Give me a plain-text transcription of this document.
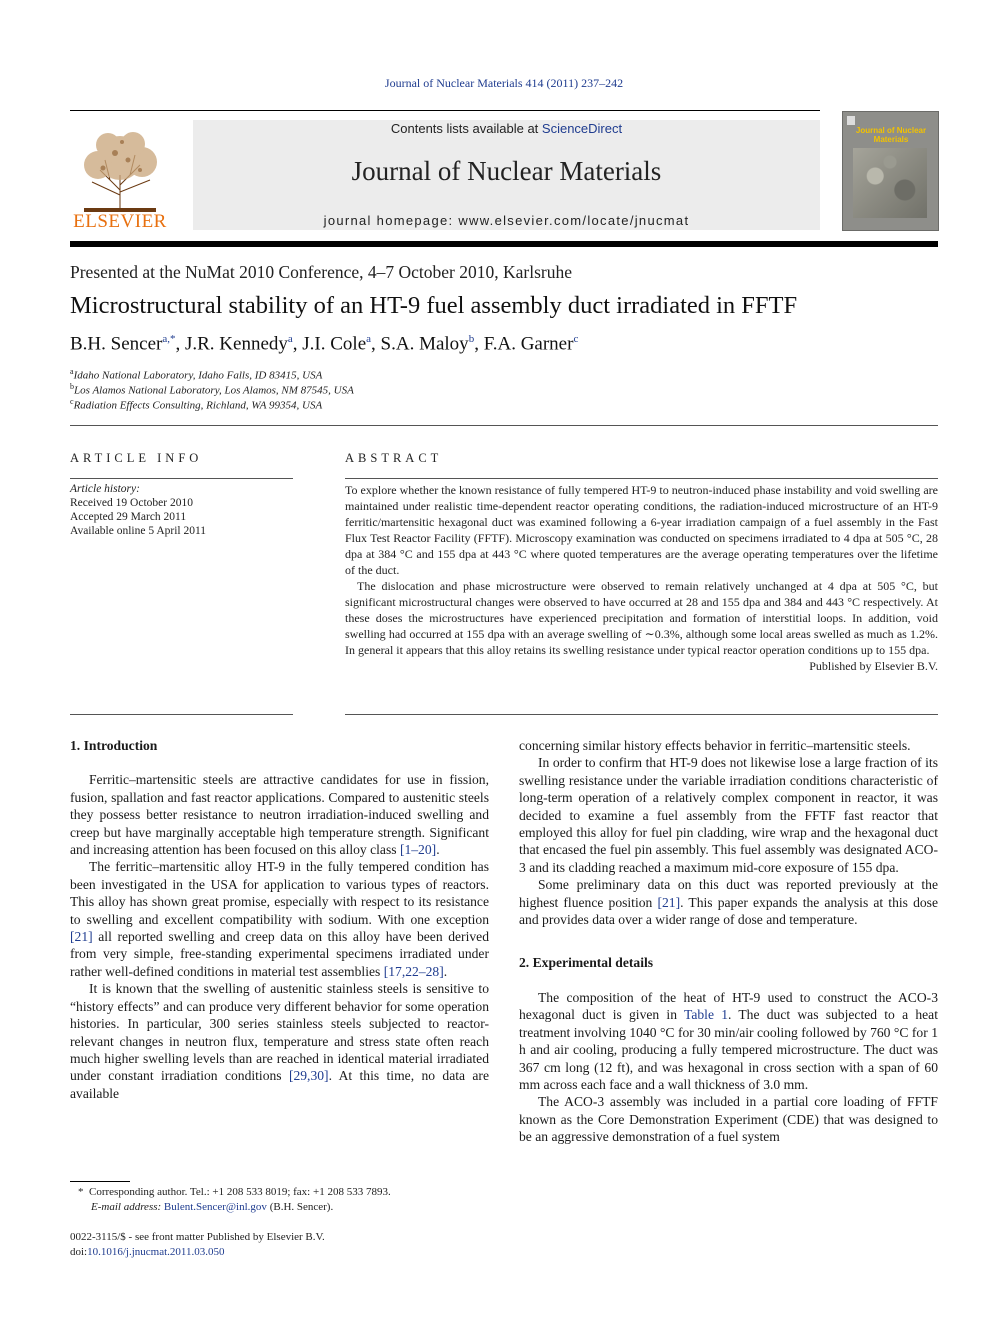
Journal of Nuclear Materials 414 (2011) 237–242
ELSEVIER
Contents lists available at ScienceDirect
Journal of Nuclear Materials
journal homepage: www.elsevier.com/locate/jnucmat
Journal of Nuclear Materials
Presented at the NuMat 2010 Conference, 4–7 October 2010, Karlsruhe
Microstructural stability of an HT-9 fuel assembly duct irradiated in FFTF
B.H. Sencer$^{a,*}$, J.R. Kennedy$^a$, J.I. Cole$^a$, S.A. Maloy$^b$, F.A. Garner$^c$
$^a$Idaho National Laboratory, Idaho Falls, ID 83415, USA
$^b$Los Alamos National Laboratory, Los Alamos, NM 87545, USA
$^c$Radiation Effects Consulting, Richland, WA 99354, USA
ARTICLE INFO
Article history:
Received 19 October 2010
Accepted 29 March 2011
Available online 5 April 2011
ABSTRACT

To explore whether the known resistance of fully tempered HT-9 to neutron-induced phase instability and void swelling are maintained under realistic time-dependent reactor operating conditions, the radiation-induced microstructure of an HT-9 ferritic/martensitic hexagonal duct was examined following a 6-year irradiation campaign of a fuel assembly in the Fast Flux Test Reactor Facility (FFTF). Microscopy examination was conducted on specimens irradiated to 4 dpa at 505 °C, 28 dpa at 384 °C and 155 dpa at 443 °C where quoted temperatures are the average operating temperatures over the lifetime of the duct.

The dislocation and phase microstructure were observed to remain relatively unchanged at 4 dpa at 505 °C, but significant microstructural changes were observed to have occurred at 28 and 155 dpa and 384 and 443 °C respectively. At these doses the microstructures have experienced precipitation and formation of interstitial loops. In addition, void swelling had occurred at 155 dpa with an average swelling of ∼0.3%, although some local areas swelled as much as 1.2%. In general it appears that this alloy retains its swelling resistance under typical reactor operation conditions up to 155 dpa.

Published by Elsevier B.V.
1. Introduction

Ferritic–martensitic steels are attractive candidates for use in fission, fusion, spallation and fast reactor applications. Compared to austenitic steels they possess better resistance to neutron irradiation-induced swelling and creep but have marginally acceptable high temperature strength. Significant and increasing attention has been focused on this alloy class [1–20].

The ferritic–martensitic alloy HT-9 in the fully tempered condition has been investigated in the USA for application to various types of reactors. This alloy has shown great promise, especially with respect to its resistance to swelling and excellent compatibility with sodium. With one exception [21] all reported swelling and creep data on this alloy have been derived from very simple, free-standing experimental specimens irradiated under rather well-defined conditions in material test assemblies [17,22–28].

It is known that the swelling of austenitic stainless steels is sensitive to “history effects” and can produce very different behavior for some operation histories. In particular, 300 series stainless steels subjected to reactor-relevant changes in neutron flux, temperature and stress state often reach much higher swelling levels than are reached in identical material irradiated under constant irradiation conditions [29,30]. At this time, no data are available

concerning similar history effects behavior in ferritic–martensitic steels.

In order to confirm that HT-9 does not likewise lose a large fraction of its swelling resistance under the variable irradiation conditions characteristic of long-term operation of a relatively complex component in reactor, it was decided to examine a fuel assembly from the FFTF fast reactor that employed this alloy for fuel pin cladding, wire wrap and the hexagonal duct that encased the fuel pin assembly. This fuel assembly was designated ACO-3 and its cladding reached a maximum mid-core exposure of 155 dpa.

Some preliminary data on this duct was reported previously at the highest fluence position [21]. This paper expands the analysis at this dose and provides data over a wider range of dose and temperature.

2. Experimental details

The composition of the heat of HT-9 used to construct the ACO-3 hexagonal duct is given in Table 1. The duct was subjected to a heat treatment involving 1040 °C for 30 min/air cooling followed by 760 °C for 1 h and air cooling, producing a fully tempered microstructure. The duct was 367 cm long (12 ft), and was hexagonal in cross section with a span of 60 mm across each face and a wall thickness of 3.0 mm.

The ACO-3 assembly was included in a partial core loading of FFTF known as the Core Demonstration Experiment (CDE) that was designed to be an aggressive demonstration of a fuel system

* Corresponding author. Tel.: +1 208 533 8019; fax: +1 208 533 7893.
E-mail address: Bulent.Sencer@inl.gov (B.H. Sencer).
0022-3115/$ - see front matter Published by Elsevier B.V.
doi:10.1016/j.jnucmat.2011.03.050
